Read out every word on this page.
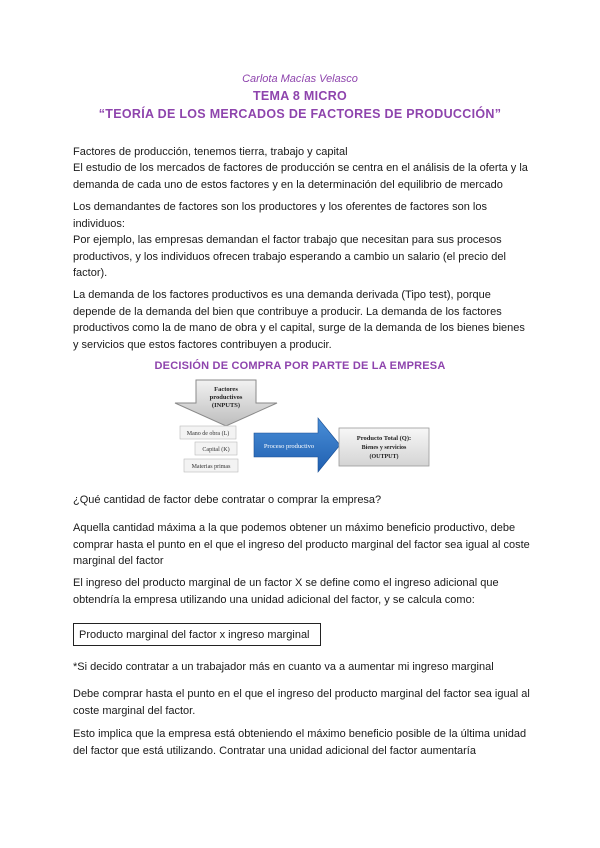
Carlota Macías Velasco
TEMA 8 MICRO
“TEORÍA DE LOS MERCADOS DE FACTORES DE PRODUCCIÓN”

Factores de producción, tenemos tierra, trabajo y capital

El estudio de los mercados de factores de producción se centra en el análisis de la oferta y la demanda de cada uno de estos factores y en la determinación del equilibrio de mercado

Los demandantes de factores son los productores y los oferentes de factores son los individuos:

Por ejemplo, las empresas demandan el factor trabajo que necesitan para sus procesos productivos, y los individuos ofrecen trabajo esperando a cambio un salario (el precio del factor).

La demanda de los factores productivos es una demanda derivada (Tipo test), porque depende de la demanda del bien que contribuye a producir. La demanda de los factores productivos como la de mano de obra y el capital, surge de la demanda de los bienes bienes y servicios que estos factores contribuyen a producir.

DECISIÓN DE COMPRA POR PARTE DE LA EMPRESA
Factores
productivos
(INPUTS)
Mano de obra (L)
Capital (K)
Materias primas
Proceso productivo
Producto Total (Q):
Bienes y servicios
(OUTPUT)

¿Qué cantidad de factor debe contratar o comprar la empresa?

Aquella cantidad máxima a la que podemos obtener un máximo beneficio productivo, debe comprar hasta el punto en el que el ingreso del producto marginal del factor sea igual al coste marginal del factor

El ingreso del producto marginal de un factor X se define como el ingreso adicional que obtendría la empresa utilizando una unidad adicional del factor, y se calcula como:

Producto marginal del factor x ingreso marginal

*Si decido contratar a un trabajador más en cuanto va a aumentar mi ingreso marginal

Debe comprar hasta el punto en el que el ingreso del producto marginal del factor sea igual al coste marginal del factor.

Esto implica que la empresa está obteniendo el máximo beneficio posible de la última unidad del factor que está utilizando. Contratar una unidad adicional del factor aumentaría
